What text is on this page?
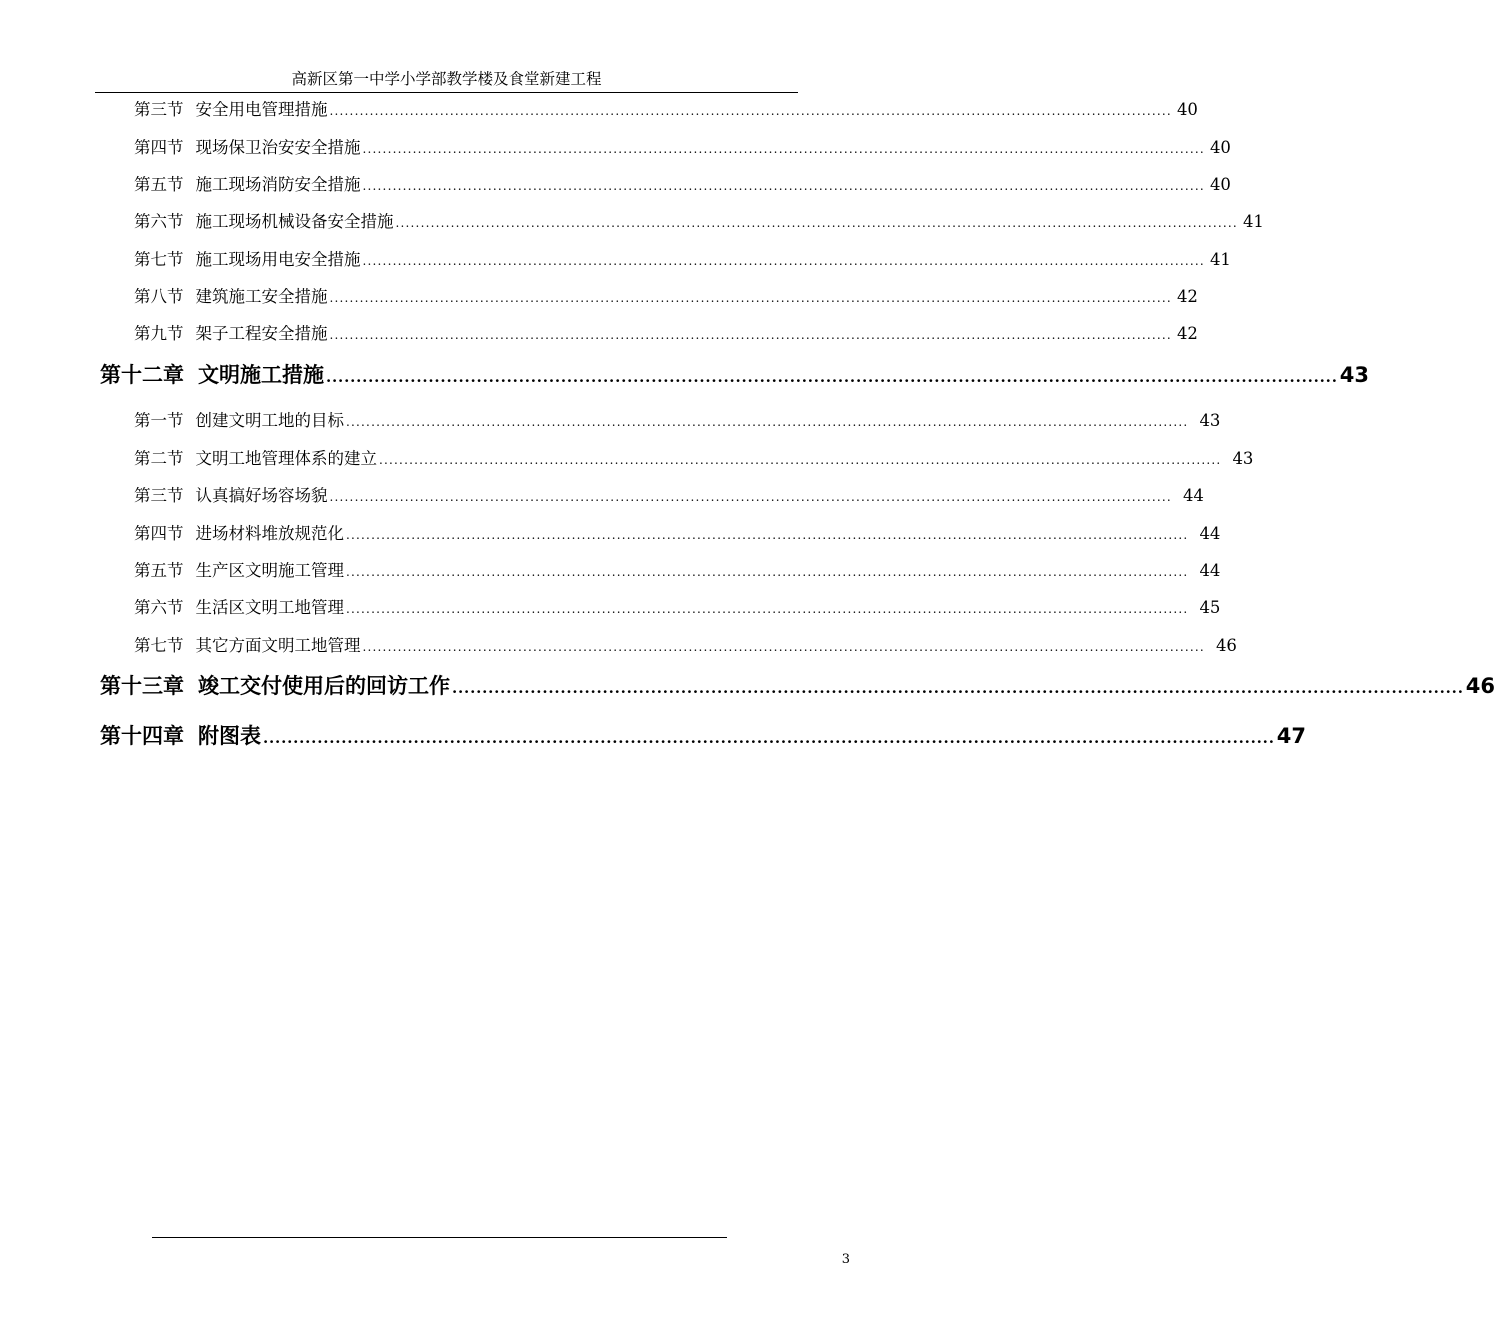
高新区第一中学小学部教学楼及食堂新建工程
第三节 安全用电管理措施 ........................................................................................................................................................................ 40
第四节 现场保卫治安安全措施 ........................................................................................................................................................................ 40
第五节 施工现场消防安全措施 ........................................................................................................................................................................ 40
第六节 施工现场机械设备安全措施 ........................................................................................................................................................................ 41
第七节 施工现场用电安全措施 ........................................................................................................................................................................ 41
第八节 建筑施工安全措施 ........................................................................................................................................................................ 42
第九节 架子工程安全措施 ........................................................................................................................................................................ 42
第十二章 文明施工措施 ........................................................................................................................................................................ 43
第一节 创建文明工地的目标 ........................................................................................................................................................................ 43
第二节 文明工地管理体系的建立 ........................................................................................................................................................................ 43
第三节 认真搞好场容场貌 ........................................................................................................................................................................ 44
第四节 进场材料堆放规范化 ........................................................................................................................................................................ 44
第五节 生产区文明施工管理 ........................................................................................................................................................................ 44
第六节 生活区文明工地管理 ........................................................................................................................................................................ 45
第七节 其它方面文明工地管理 ........................................................................................................................................................................ 46
第十三章 竣工交付使用后的回访工作 ........................................................................................................................................................................ 46
第十四章 附图表 ........................................................................................................................................................................ 47
3
